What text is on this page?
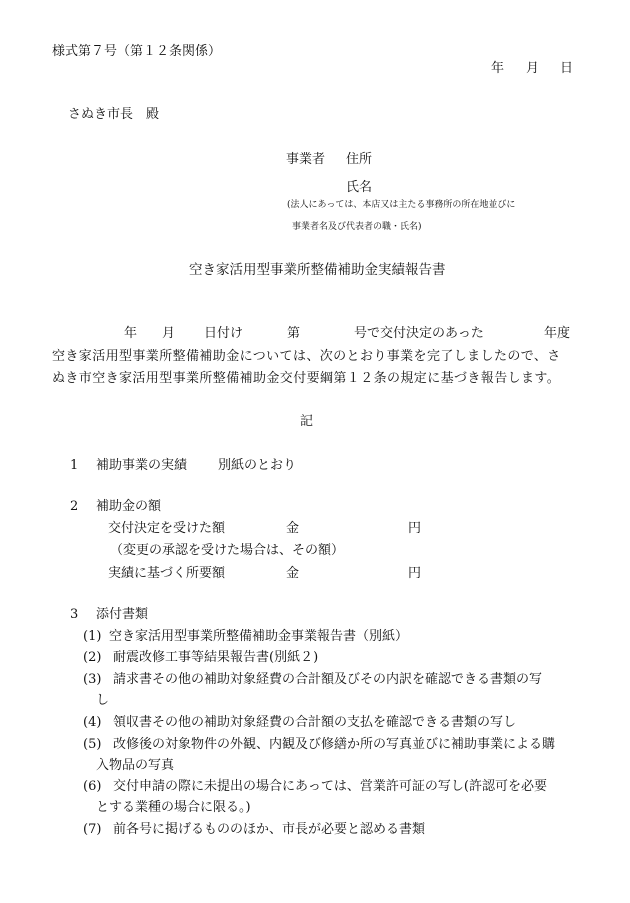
様式第７号（第１２条関係）
年 月 日
さぬき市長　殿
事業者 住所
氏名
(法人にあっては、本店又は主たる事務所の所在地並びに
事業者名及び代表者の職・氏名)
空き家活用型事業所整備補助金実績報告書
年 月 日付け	第	号で交付決定のあった	年度
空き家活用型事業所整備補助金については、次のとおり事業を完了しましたので、さ
ぬき市空き家活用型事業所整備補助金交付要綱第１２条の規定に基づき報告します。
記
1 補助事業の実績 別紙のとおり
2 補助金の額
交付決定を受けた額	金	円
（変更の承認を受けた場合は、その額）
実績に基づく所要額	金	円
3 添付書類
(1) 空き家活用型事業所整備補助金事業報告書（別紙）
(2) 耐震改修工事等結果報告書(別紙２)
(3) 請求書その他の補助対象経費の合計額及びその内訳を確認できる書類の写
し
(4) 領収書その他の補助対象経費の合計額の支払を確認できる書類の写し
(5) 改修後の対象物件の外観、内観及び修繕か所の写真並びに補助事業による購
入物品の写真
(6) 交付申請の際に未提出の場合にあっては、営業許可証の写し(許認可を必要
とする業種の場合に限る。)
(7) 前各号に掲げるもののほか、市長が必要と認める書類
